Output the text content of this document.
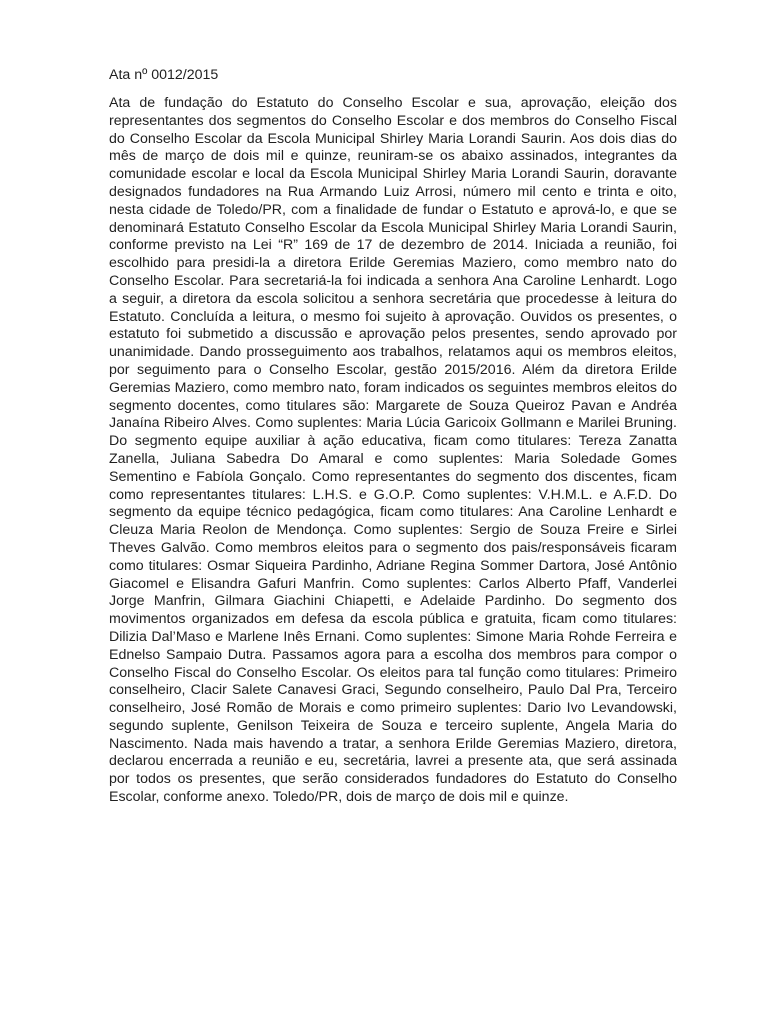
Ata nº 0012/2015

Ata de fundação do Estatuto do Conselho Escolar e sua, aprovação, eleição dos representantes dos segmentos do Conselho Escolar e dos membros do Conselho Fiscal do Conselho Escolar da Escola Municipal Shirley Maria Lorandi Saurin. Aos dois dias do mês de março de dois mil e quinze, reuniram-se os abaixo assinados, integrantes da comunidade escolar e local da Escola Municipal Shirley Maria Lorandi Saurin, doravante designados fundadores na Rua Armando Luiz Arrosi, número mil cento e trinta e oito, nesta cidade de Toledo/PR, com a finalidade de fundar o Estatuto e aprová-lo, e que se denominará Estatuto Conselho Escolar da Escola Municipal Shirley Maria Lorandi Saurin, conforme previsto na Lei “R” 169 de 17 de dezembro de 2014. Iniciada a reunião, foi escolhido para presidi-la a diretora Erilde Geremias Maziero, como membro nato do Conselho Escolar. Para secretariá-la foi indicada a senhora Ana Caroline Lenhardt. Logo a seguir, a diretora da escola solicitou a senhora secretária que procedesse à leitura do Estatuto. Concluída a leitura, o mesmo foi sujeito à aprovação. Ouvidos os presentes, o estatuto foi submetido a discussão e aprovação pelos presentes, sendo aprovado por unanimidade. Dando prosseguimento aos trabalhos, relatamos aqui os membros eleitos, por seguimento para o Conselho Escolar, gestão 2015/2016. Além da diretora Erilde Geremias Maziero, como membro nato, foram indicados os seguintes membros eleitos do segmento docentes, como titulares são: Margarete de Souza Queiroz Pavan e Andréa Janaína Ribeiro Alves. Como suplentes: Maria Lúcia Garicoix Gollmann e Marilei Bruning. Do segmento equipe auxiliar à ação educativa, ficam como titulares: Tereza Zanatta Zanella, Juliana Sabedra Do Amaral e como suplentes: Maria Soledade Gomes Sementino e Fabíola Gonçalo. Como representantes do segmento dos discentes, ficam como representantes titulares: L.H.S. e G.O.P. Como suplentes: V.H.M.L. e A.F.D. Do segmento da equipe técnico pedagógica, ficam como titulares: Ana Caroline Lenhardt e Cleuza Maria Reolon de Mendonça. Como suplentes: Sergio de Souza Freire e Sirlei Theves Galvão. Como membros eleitos para o segmento dos pais/responsáveis ficaram como titulares: Osmar Siqueira Pardinho, Adriane Regina Sommer Dartora, José Antônio Giacomel e Elisandra Gafuri Manfrin. Como suplentes: Carlos Alberto Pfaff, Vanderlei Jorge Manfrin, Gilmara Giachini Chiapetti, e Adelaide Pardinho. Do segmento dos movimentos organizados em defesa da escola pública e gratuita, ficam como titulares: Dilizia Dal’Maso e Marlene Inês Ernani. Como suplentes: Simone Maria Rohde Ferreira e Ednelso Sampaio Dutra. Passamos agora para a escolha dos membros para compor o Conselho Fiscal do Conselho Escolar. Os eleitos para tal função como titulares: Primeiro conselheiro, Clacir Salete Canavesi Graci, Segundo conselheiro, Paulo Dal Pra, Terceiro conselheiro, José Romão de Morais e como primeiro suplentes: Dario Ivo Levandowski, segundo suplente, Genilson Teixeira de Souza e terceiro suplente, Angela Maria do Nascimento. Nada mais havendo a tratar, a senhora Erilde Geremias Maziero, diretora, declarou encerrada a reunião e eu, secretária, lavrei a presente ata, que será assinada por todos os presentes, que serão considerados fundadores do Estatuto do Conselho Escolar, conforme anexo. Toledo/PR, dois de março de dois mil e quinze.
